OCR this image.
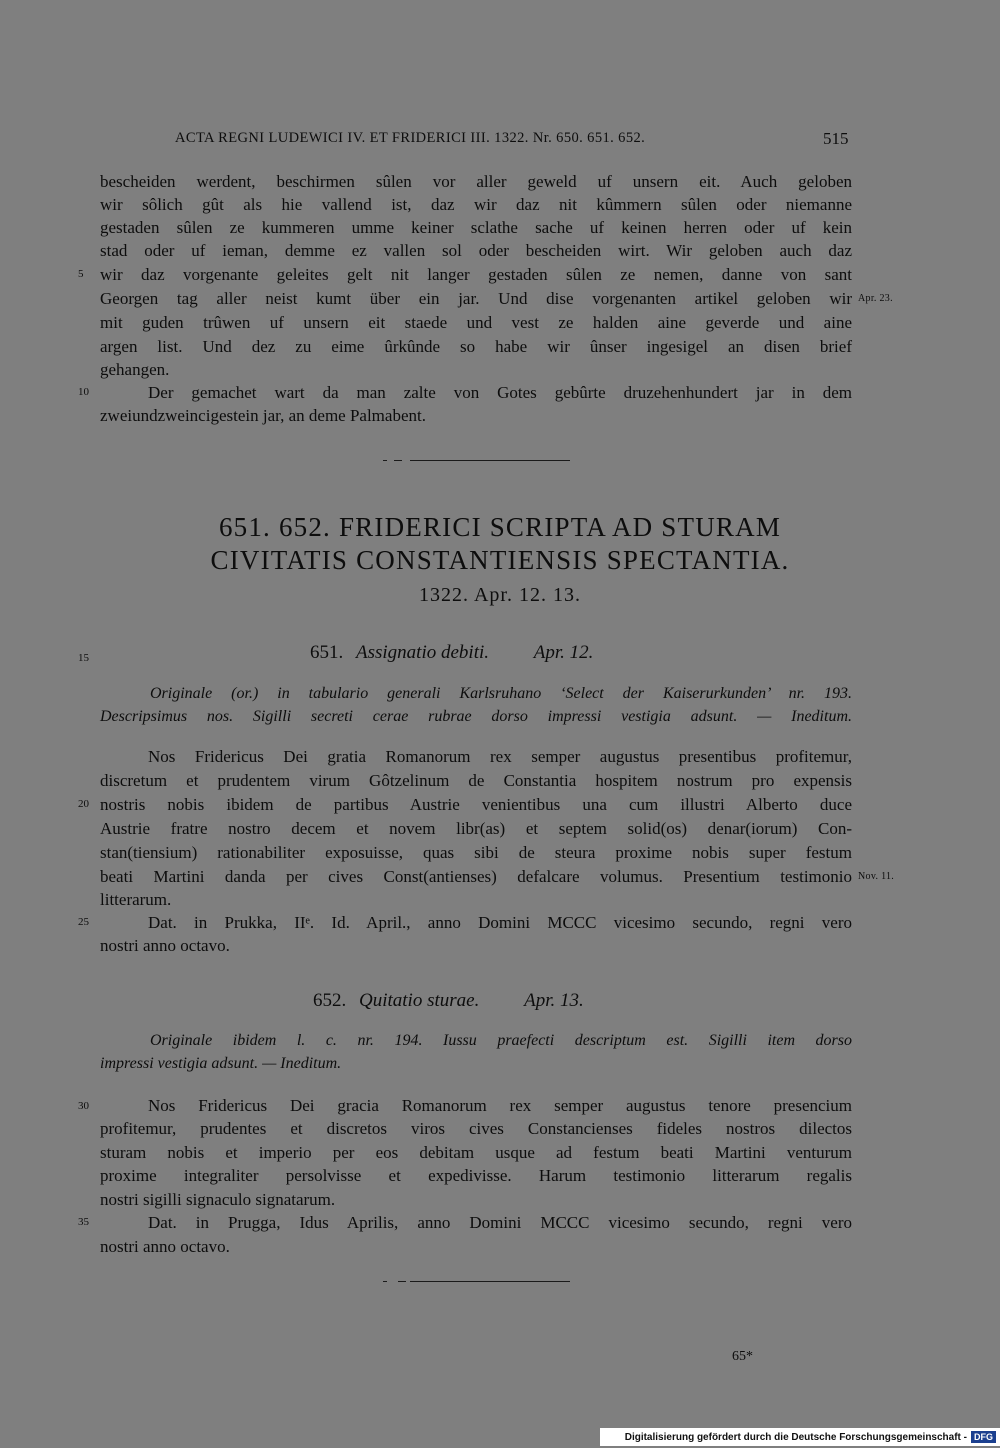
ACTA REGNI LUDEWICI IV. ET FRIDERICI III. 1322. Nr. 650. 651. 652.	515
bescheiden werdent, beschirmen sûlen vor aller geweld uf unsern eit. Auch geloben
wir sôlich gût als hie vallend ist, daz wir daz nit kûmmern sûlen oder niemanne
gestaden sûlen ze kummeren umme keiner sclathe sache uf keinen herren oder uf kein
stad oder uf ieman, demme ez vallen sol oder bescheiden wirt. Wir geloben auch daz
wir daz vorgenante geleites gelt nit langer gestaden sûlen ze nemen, danne von sant
Georgen tag aller neist kumt über ein jar. Und dise vorgenanten artikel geloben wir
mit guden trûwen uf unsern eit staede und vest ze halden aine geverde und aine
argen list. Und dez zu eime ûrkûnde so habe wir ûnser ingesigel an disen brief
gehangen.
Der gemachet wart da man zalte von Gotes gebûrte druzehenhundert jar in dem
zweiundzweincigestein jar, an deme Palmabent.
5
10
Apr. 23.
651. 652. FRIDERICI SCRIPTA AD STURAM
CIVITATIS CONSTANTIENSIS SPECTANTIA.
1322. Apr. 12. 13.
15	651. Assignatio debiti. Apr. 12.
Originale (or.) in tabulario generali Karlsruhano ‘Select der Kaiserurkunden’ nr. 193.
Descripsimus nos. Sigilli secreti cerae rubrae dorso impressi vestigia adsunt. — Ineditum.
Nos Fridericus Dei gratia Romanorum rex semper augustus presentibus profitemur,
discretum et prudentem virum Gôtzelinum de Constantia hospitem nostrum pro expensis
nostris nobis ibidem de partibus Austrie venientibus una cum illustri Alberto duce
Austrie fratre nostro decem et novem libr(as) et septem solid(os) denar(iorum) Con-
stan(tiensium) rationabiliter exposuisse, quas sibi de steura proxime nobis super festum
beati Martini danda per cives Const(antienses) defalcare volumus. Presentium testimonio
litterarum.
Dat. in Prukka, IIᵉ. Id. April., anno Domini MCCC vicesimo secundo, regni vero
nostri anno octavo.
20
25
Nov. 11.
652. Quitatio sturae. Apr. 13.
Originale ibidem l. c. nr. 194. Iussu praefecti descriptum est. Sigilli item dorso
impressi vestigia adsunt. — Ineditum.
Nos Fridericus Dei gracia Romanorum rex semper augustus tenore presencium
profitemur, prudentes et discretos viros cives Constancienses fideles nostros dilectos
sturam nobis et imperio per eos debitam usque ad festum beati Martini venturum
proxime integraliter persolvisse et expedivisse. Harum testimonio litterarum regalis
nostri sigilli signaculo signatarum.
Dat. in Prugga, Idus Aprilis, anno Domini MCCC vicesimo secundo, regni vero
nostri anno octavo.
30
35
65*
Digitalisierung gefördert durch die Deutsche Forschungsgemeinschaft - DFG
